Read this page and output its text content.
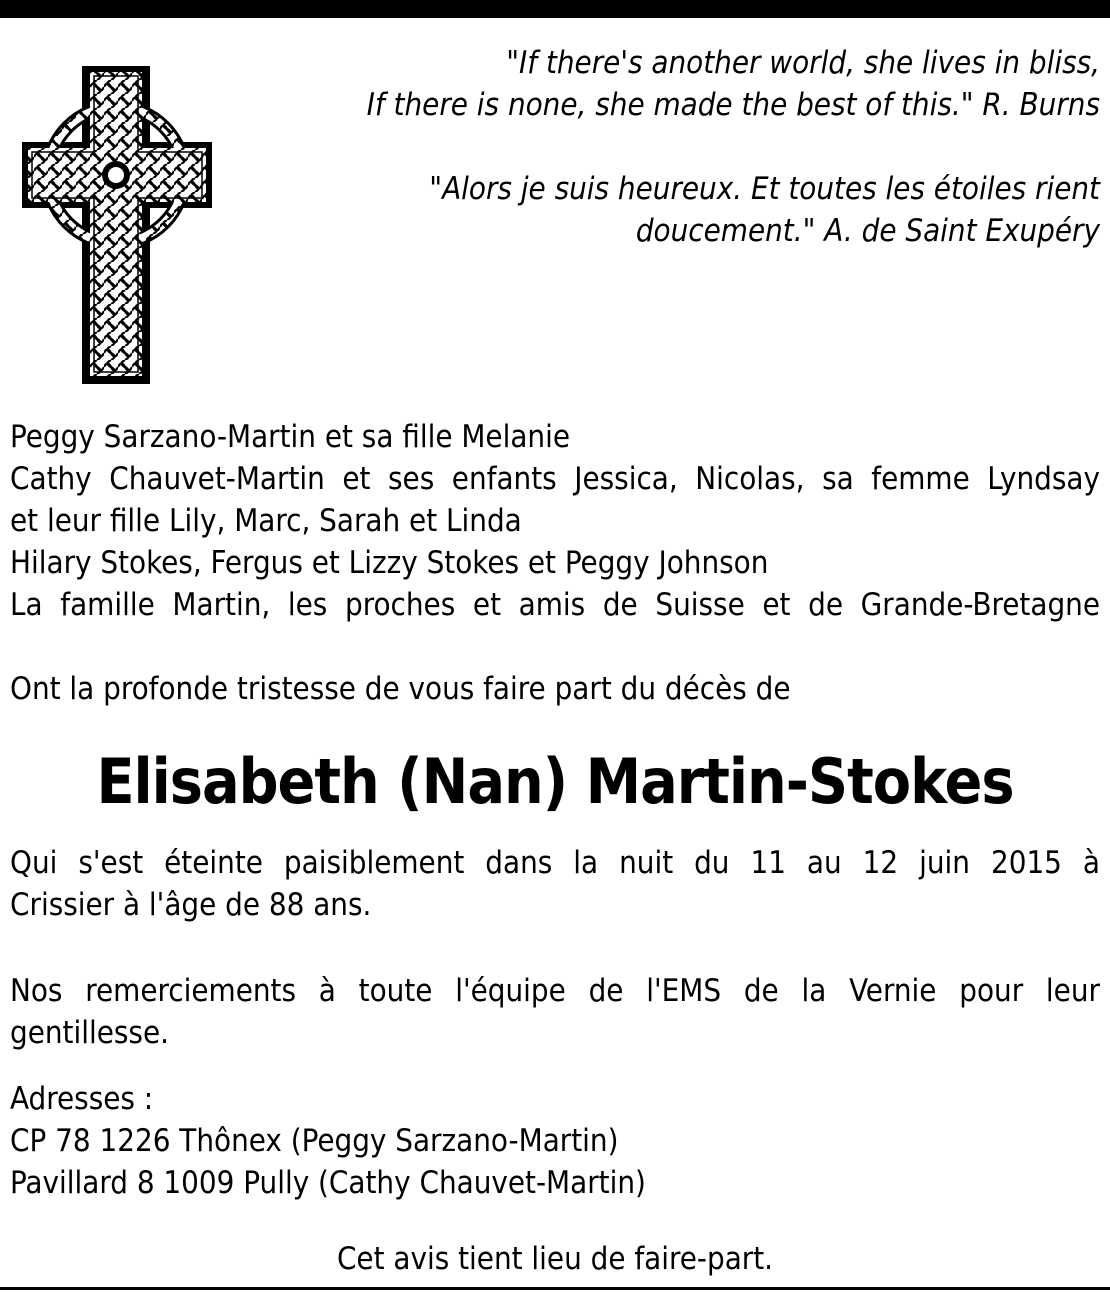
"If there's another world, she lives in bliss,
If there is none, she made the best of this." R. Burns

"Alors je suis heureux. Et toutes les étoiles rient
doucement." A. de Saint Exupéry

Peggy Sarzano-Martin et sa fille Melanie
Cathy Chauvet-Martin et ses enfants Jessica, Nicolas, sa femme Lyndsay
et leur fille Lily, Marc, Sarah et Linda
Hilary Stokes, Fergus et Lizzy Stokes et Peggy Johnson
La famille Martin, les proches et amis de Suisse et de Grande-Bretagne
Ont la profonde tristesse de vous faire part du décès de
Elisabeth (Nan) Martin-Stokes
Qui s'est éteinte paisiblement dans la nuit du 11 au 12 juin 2015 à
Crissier à l'âge de 88 ans.
Nos remerciements à toute l'équipe de l'EMS de la Vernie pour leur
gentillesse.
Adresses :
CP 78 1226 Thônex (Peggy Sarzano-Martin)
Pavillard 8 1009 Pully (Cathy Chauvet-Martin)
Cet avis tient lieu de faire-part.
